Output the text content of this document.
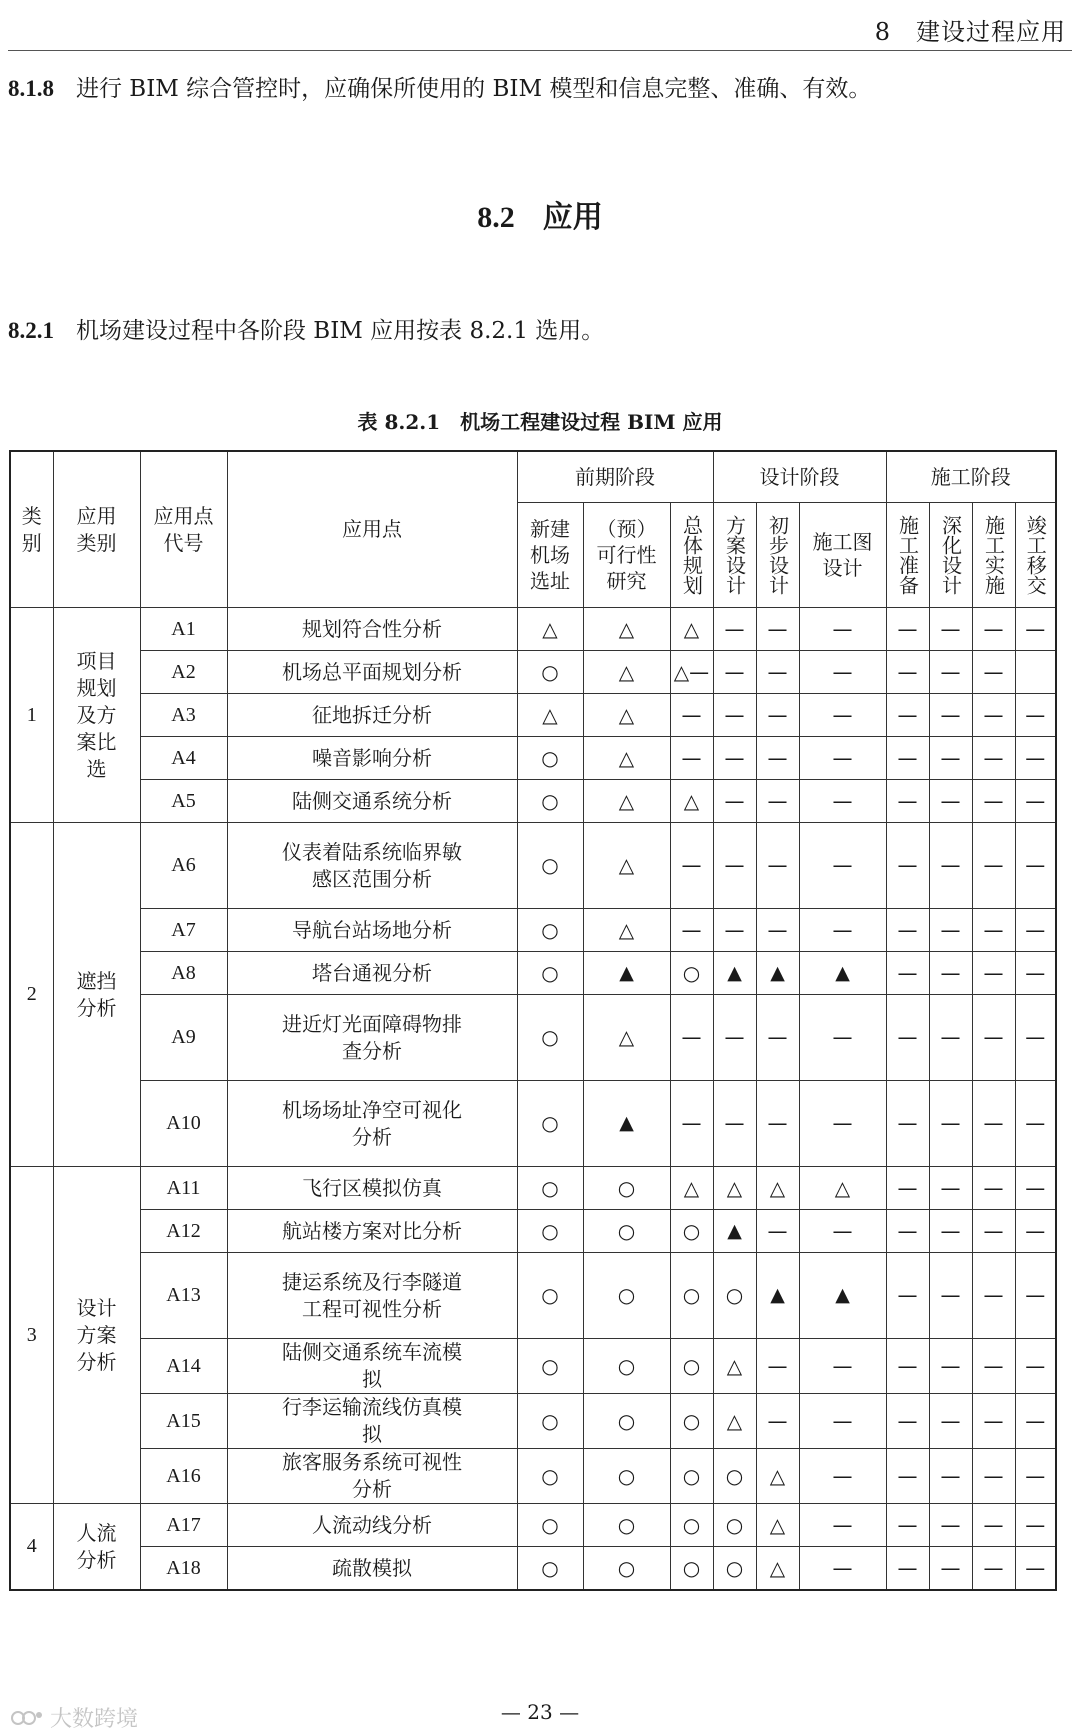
8　建设过程应用
8.1.8 进行 BIM 综合管控时，应确保所使用的 BIM 模型和信息完整、准确、有效。
8.2 应用
8.2.1 机场建设过程中各阶段 BIM 应用按表 8.2.1 选用。
表 8.2.1　机场工程建设过程 BIM 应用
类别	应用类别	应用点代号	应用点	前期阶段			设计阶段			施工阶段			
				新建机场选址	（预）可行性研究	总体规划	方案设计	初步设计	施工图设计	施工准备	深化设计	施工实施	竣工移交
1	项目规划及方案比选	A1	规划符合性分析	△	△	△	—	—	—	—	—	—	—
		A2	机场总平面规划分析	○	△	△—	—	—	—	—	—	—	
		A3	征地拆迁分析	△	△	—	—	—	—	—	—	—	—
		A4	噪音影响分析	○	△	—	—	—	—	—	—	—	—
		A5	陆侧交通系统分析	○	△	△	—	—	—	—	—	—	—
2	遮挡分析	A6	仪表着陆系统临界敏感区范围分析	○	△	—	—	—	—	—	—	—	—
		A7	导航台站场地分析	○	△	—	—	—	—	—	—	—	—
		A8	塔台通视分析	○	▲	○	▲	▲	▲	—	—	—	—
		A9	进近灯光面障碍物排查分析	○	△	—	—	—	—	—	—	—	—
		A10	机场场址净空可视化分析	○	▲	—	—	—	—	—	—	—	—
3	设计方案分析	A11	飞行区模拟仿真	○	○	△	△	△	△	—	—	—	—
		A12	航站楼方案对比分析	○	○	○	▲	—	—	—	—	—	—
		A13	捷运系统及行李隧道工程可视性分析	○	○	○	○	▲	▲	—	—	—	—
		A14	陆侧交通系统车流模拟	○	○	○	△	—	—	—	—	—	—
		A15	行李运输流线仿真模拟	○	○	○	△	—	—	—	—	—	—
		A16	旅客服务系统可视性分析	○	○	○	○	△	—	—	—	—	—
4	人流分析	A17	人流动线分析	○	○	○	○	△	—	—	—	—	—
		A18	疏散模拟	○	○	○	○	△	—	—	—	—	—
— 23 —
大数跨境
